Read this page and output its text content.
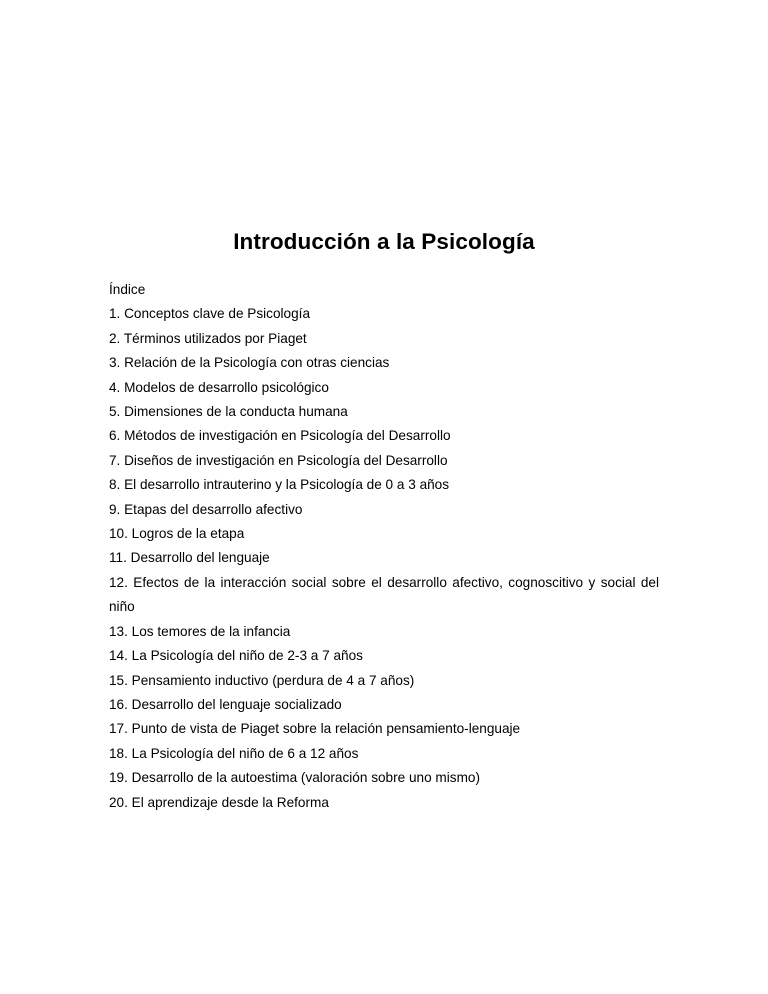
Introducción a la Psicología

Índice

1. Conceptos clave de Psicología
2. Términos utilizados por Piaget
3. Relación de la Psicología con otras ciencias
4. Modelos de desarrollo psicológico
5. Dimensiones de la conducta humana
6. Métodos de investigación en Psicología del Desarrollo
7. Diseños de investigación en Psicología del Desarrollo
8. El desarrollo intrauterino y la Psicología de 0 a 3 años
9. Etapas del desarrollo afectivo
10. Logros de la etapa
11. Desarrollo del lenguaje
12. Efectos de la interacción social sobre el desarrollo afectivo, cognoscitivo y social del niño
13. Los temores de la infancia
14. La Psicología del niño de 2-3 a 7 años
15. Pensamiento inductivo (perdura de 4 a 7 años)
16. Desarrollo del lenguaje socializado
17. Punto de vista de Piaget sobre la relación pensamiento-lenguaje
18. La Psicología del niño de 6 a 12 años
19. Desarrollo de la autoestima (valoración sobre uno mismo)
20. El aprendizaje desde la Reforma
